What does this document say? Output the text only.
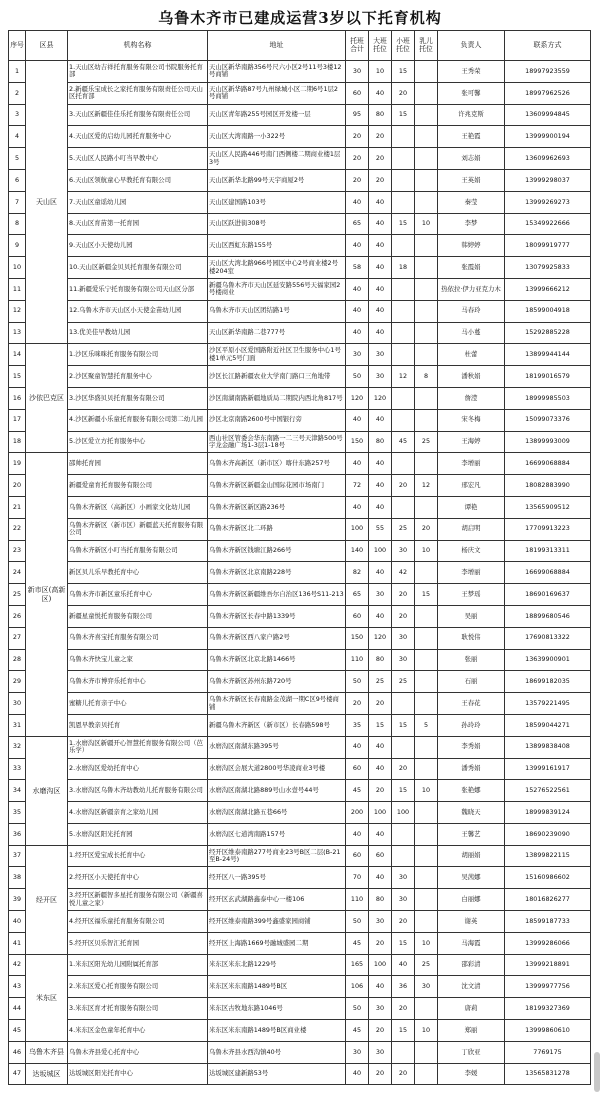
乌鲁木齐市已建成运营3岁以下托育机构
序号	区县	机构名称	地址	托班合计	大班托位	小班托位	乳儿托位	负责人	联系方式
1	天山区	1.天山区幼吉祥托育服务有限公司书院服务托育部	天山区新华南路356号尺六小区2号11号3楼12号商铺	30	10	15		王秀荣	18997923559
2		2.新疆乐宝成长之家托育服务有限责任公司天山区托育部	天山区新华路87号九州绿城小区二期6号1层2号商铺	60	40	20		张可馨	18997962526
3		3.天山区新疆佳佳乐托育服务有限责任公司	天山区青年路255号园区开发楼一层	95	80	15		许兆克斯	13609994845
4		4.天山区爱的启幼儿园托育服务中心	天山区大湾南路一小322号	20	20			王艳霞	13999900194
5		5.天山区人民路小叮当早教中心	天山区人民路446号南门西侧楼二期商业楼1层3号	20	20			刘志娟	13609962693
6		6.天山区领航童心早教托育有限公司	天山区新华北路99号天宇商厦2号	20	20			王英娟	13999298037
7		7.天山区童谣幼儿园	天山区建国路103号	40	40			秦莹	13999269273
8		8.天山区育苗第一托育园	天山区跃进街308号	65	40	15	10	李梦	15349922666
9		9.天山区小天使幼儿园	天山区西虹东路155号	40	40			韩婷婷	18099919777
10		10.天山区新疆金贝贝托育服务有限公司	天山区大湾北路966号园区中心2号商业楼2号楼204室	58	40	18		张霞娟	13079925833
11		11.新疆爱乐宁托育服务有限公司天山区分部	新疆乌鲁木齐市天山区延安路556号天福家园2号楼商业	40	40			热依拉·伊力亚克力木	13999666212
12		12.乌鲁木齐市天山区小天使金苗幼儿园	乌鲁木齐市天山区团结路1号	40	40			马春玲	18599004918
13		13.优美佳早教幼儿园	天山区新华南路二巷777号	40	40			马小蔓	15292885228
14	沙依巴克区	1.沙区乐咪咪托育服务有限公司	沙区平原小区爱国路附近社区卫生服务中心1号楼1单元5号门面	30	30			杜蕾	13899944144
15		2.沙区聚童智慧托育服务中心	沙区长江路新疆农业大学南门路口三角地带	50	30	12	8	潘秋娟	18199016579
16		3.沙区华盛贝贝托育服务有限公司	沙区南湖南路新疆地质局二期院内西北角817号	120	120			詹滢	18999985503
17		4.沙区新疆小乐童托育服务有限公司第二幼儿园	沙区北京南路2600号中国银行旁	40	40			宋冬梅	15099073376
18		5.沙区爱立方托育服务中心	西山社区管委会华东南路一二三号天津路500号宇龙金融广场1-3层1-18号	150	80	45	25	王海婷	13899993009
19	新市区(高新区)	邵帅托育园	乌鲁木齐高新区（新市区）喀什东路257号	40	40			李增丽	16699068884
20		新疆爱童育托育服务有限公司	乌鲁木齐新区新疆金山国际花园市场南门	72	40	20	12	邢宏凡	18082883990
21		乌鲁木齐新区（高新区）小画家文化幼儿园	乌鲁木齐新区新区路236号	40	40			谭艳	13565909512
22		乌鲁木齐新区（新市区）新疆蓝天托育服务有限公司	乌鲁木齐新区北二环路	100	55	25	20	胡启明	17709913223
23		乌鲁木齐新区小叮当托育服务有限公司	乌鲁木齐新区钱塘江路266号	140	100	30	10	杨庆文	18199313311
24		新区贝儿乐早教托育中心	乌鲁木齐新区北京南路228号	82	40	42		李增丽	16699068884
25		乌鲁木齐市新区童乐托育中心	乌鲁木齐新区新疆维吾尔自治区136号S11-213	65	30	20	15	王梦瑶	18690169637
26		新疆星童悦托育服务有限公司	乌鲁木齐新区长春中路1339号	60	40	20		吴丽	18899680546
27		乌鲁木齐喜宝托育服务有限公司	乌鲁木齐新区西八家户路2号	150	120	30		耿悦伟	17690813322
28		乌鲁木齐快宝儿童之家	乌鲁木齐新区北京北路1466号	110	80	30		张丽	13639900901
29		乌鲁木齐市博弈乐托育中心	乌鲁木齐新区苏州东路720号	50	25	25		石丽	18699182035
30		蜜糖儿托育亲子中心	乌鲁木齐新区长春南路金茂湖一期C区9号楼商铺	20	20			王春花	13579221495
31		凯恩早教亲贝托育	新疆乌鲁木齐新区（新市区）长春路598号	35	15	15	5	孙玲玲	18599044271
32	水磨沟区	1.水磨沟区新疆开心智慧托育服务有限公司（芭乐学）	水磨沟区南湖东路395号	40	40			李秀娟	13899838408
33		2.水磨沟区爱幼托育中心	水磨沟区会展大道2800号华凌商业3号楼	60	40	20		潘秀娟	13999161917
34		3.水磨沟区乌鲁木齐幼教幼儿托育服务有限公司	水磨沟区南湖北路889号山水壹号44号	45	20	15	10	张艳娜	15276522561
35		4.水磨沟区新疆亲育之家幼儿园	水磨沟区南湖北路五巷66号	200	100	100		魏晓天	18999839124
36		5.水磨沟区阳光托育园	水磨沟区七道湾南路157号	40	40			王馨艺	18690239090
37	经开区	1.经开区爱宝成长托育中心	经开区维泰南路277号商业23号B区二层(B-21至B-24号)	60	60			胡丽娟	13899822115
38		2.经开区小天使托育中心	经开区八一路395号	70	40	30		吴茜娜	15160986602
39		3.经开区新疆智多星托育服务有限公司（新疆喜悦儿童之家）	经开区玄武湖路鑫泰中心一楼106	110	80	30		白丽娜	18016826277
40		4.经开区福乐童托育服务有限公司	经开区维泰南路399号鑫盛家园商铺	50	30	20		谢英	18599187733
41		5.经开区贝乐智汇托育园	经开区上海路1669号融城盛园二期	45	20	15	10	马海霞	13999286066
42	米东区	1.米东区阳光幼儿园附属托育部	米东区米东北路1229号	165	100	40	25	邵彩清	13999218891
43		2.米东区爱心托育服务有限公司	米东区米东南路1489号B区	106	40	36	30	沈文清	13999977756
44		3.米东区育才托育服务有限公司	米东区古牧地东路1046号	50	30	20		唐莉	18199327369
45		4.米东区金色童年托育中心	米东区米东南路1489号B区商业楼	45	20	15	10	郑丽	13999860610
46	乌鲁木齐县	乌鲁木齐县爱心托育中心	乌鲁木齐县水西沟镇40号	30	30			丁欣亚	7769175
47	达坂城区	达坂城区阳光托育中心	达坂城区建新路53号	40	20	20		李媛	13565831278
